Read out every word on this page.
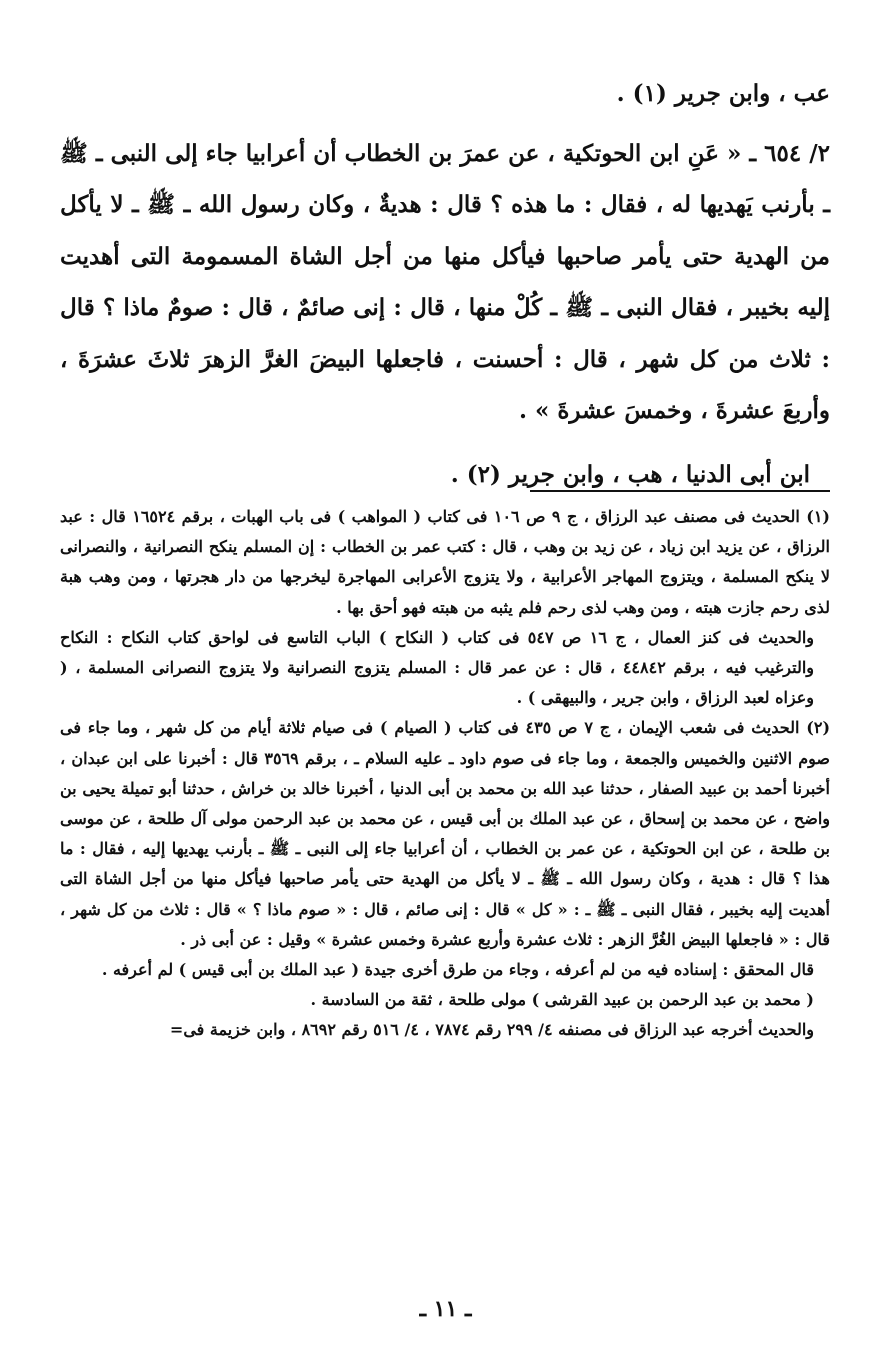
عب ، وابن جرير (١) .

٢/ ٦٥٤ ـ « عَنِ ابن الحوتكية ، عن عمرَ بن الخطاب أن أعرابيا جاء إلى النبى ـ ﷺ ـ بأرنب يَهديها له ، فقال : ما هذه ؟ قال : هديةٌ ، وكان رسول الله ـ ﷺ ـ لا يأكل من الهدية حتى يأمر صاحبها فيأكل منها من أجل الشاة المسمومة التى أهديت إليه بخيبر ، فقال النبى ـ ﷺ ـ كُلْ منها ، قال : إنى صائمٌ ، قال : صومٌ ماذا ؟ قال : ثلاث من كل شهر ، قال : أحسنت ، فاجعلها البيضَ الغرَّ الزهرَ ثلاثَ عشرَةَ ، وأربعَ عشرةَ ، وخمسَ عشرةَ » .

ابن أبى الدنيا ، هب ، وابن جرير (٢) .

(١) الحديث فى مصنف عبد الرزاق ، ج ٩ ص ١٠٦ فى كتاب ( المواهب ) فى باب الهبات ، برقم ١٦٥٢٤ قال : عبد الرزاق ، عن يزيد ابن زياد ، عن زيد بن وهب ، قال : كتب عمر بن الخطاب : إن المسلم ينكح النصرانية ، والنصرانى لا ينكح المسلمة ، ويتزوج المهاجر الأعرابية ، ولا يتزوج الأعرابى المهاجرة ليخرجها من دار هجرتها ، ومن وهب هبة لذى رحم جازت هبته ، ومن وهب لذى رحم فلم يثبه من هبته فهو أحق بها .

والحديث فى كنز العمال ، ج ١٦ ص ٥٤٧ فى كتاب ( النكاح ) الباب التاسع فى لواحق كتاب النكاح : النكاح والترغيب فيه ، برقم ٤٤٨٤٢ ، قال : عن عمر قال : المسلم يتزوج النصرانية ولا يتزوج النصرانى المسلمة ، ( وعزاه لعبد الرزاق ، وابن جرير ، والبيهقى ) .

(٢) الحديث فى شعب الإيمان ، ج ٧ ص ٤٣٥ فى كتاب ( الصيام ) فى صيام ثلاثة أيام من كل شهر ، وما جاء فى صوم الاثنين والخميس والجمعة ، وما جاء فى صوم داود ـ عليه السلام ـ ، برقم ٣٥٦٩ قال : أخبرنا على ابن عبدان ، أخبرنا أحمد بن عبيد الصفار ، حدثنا عبد الله بن محمد بن أبى الدنيا ، أخبرنا خالد بن خراش ، حدثنا أبو تميلة يحيى بن واضح ، عن محمد بن إسحاق ، عن عبد الملك بن أبى قيس ، عن محمد بن عبد الرحمن مولى آل طلحة ، عن موسى بن طلحة ، عن ابن الحوتكية ، عن عمر بن الخطاب ، أن أعرابيا جاء إلى النبى ـ ﷺ ـ بأرنب يهديها إليه ، فقال : ما هذا ؟ قال : هدية ، وكان رسول الله ـ ﷺ ـ لا يأكل من الهدية حتى يأمر صاحبها فيأكل منها من أجل الشاة التى أهديت إليه بخيبر ، فقال النبى ـ ﷺ ـ : « كل » قال : إنى صائم ، قال : « صوم ماذا ؟ » قال : ثلاث من كل شهر ، قال : « فاجعلها البيض الغُرَّ الزهر : ثلاث عشرة وأربع عشرة وخمس عشرة » وقيل : عن أبى ذر .

قال المحقق : إسناده فيه من لم أعرفه ، وجاء من طرق أخرى جيدة ( عبد الملك بن أبى قيس ) لم أعرفه .

( محمد بن عبد الرحمن بن عبيد القرشى ) مولى طلحة ، ثقة من السادسة .

والحديث أخرجه عبد الرزاق فى مصنفه ٤/ ٢٩٩ رقم ٧٨٧٤ ، ٤/ ٥١٦ رقم ٨٦٩٢ ، وابن خزيمة فى=

ـ ١١ ـ
